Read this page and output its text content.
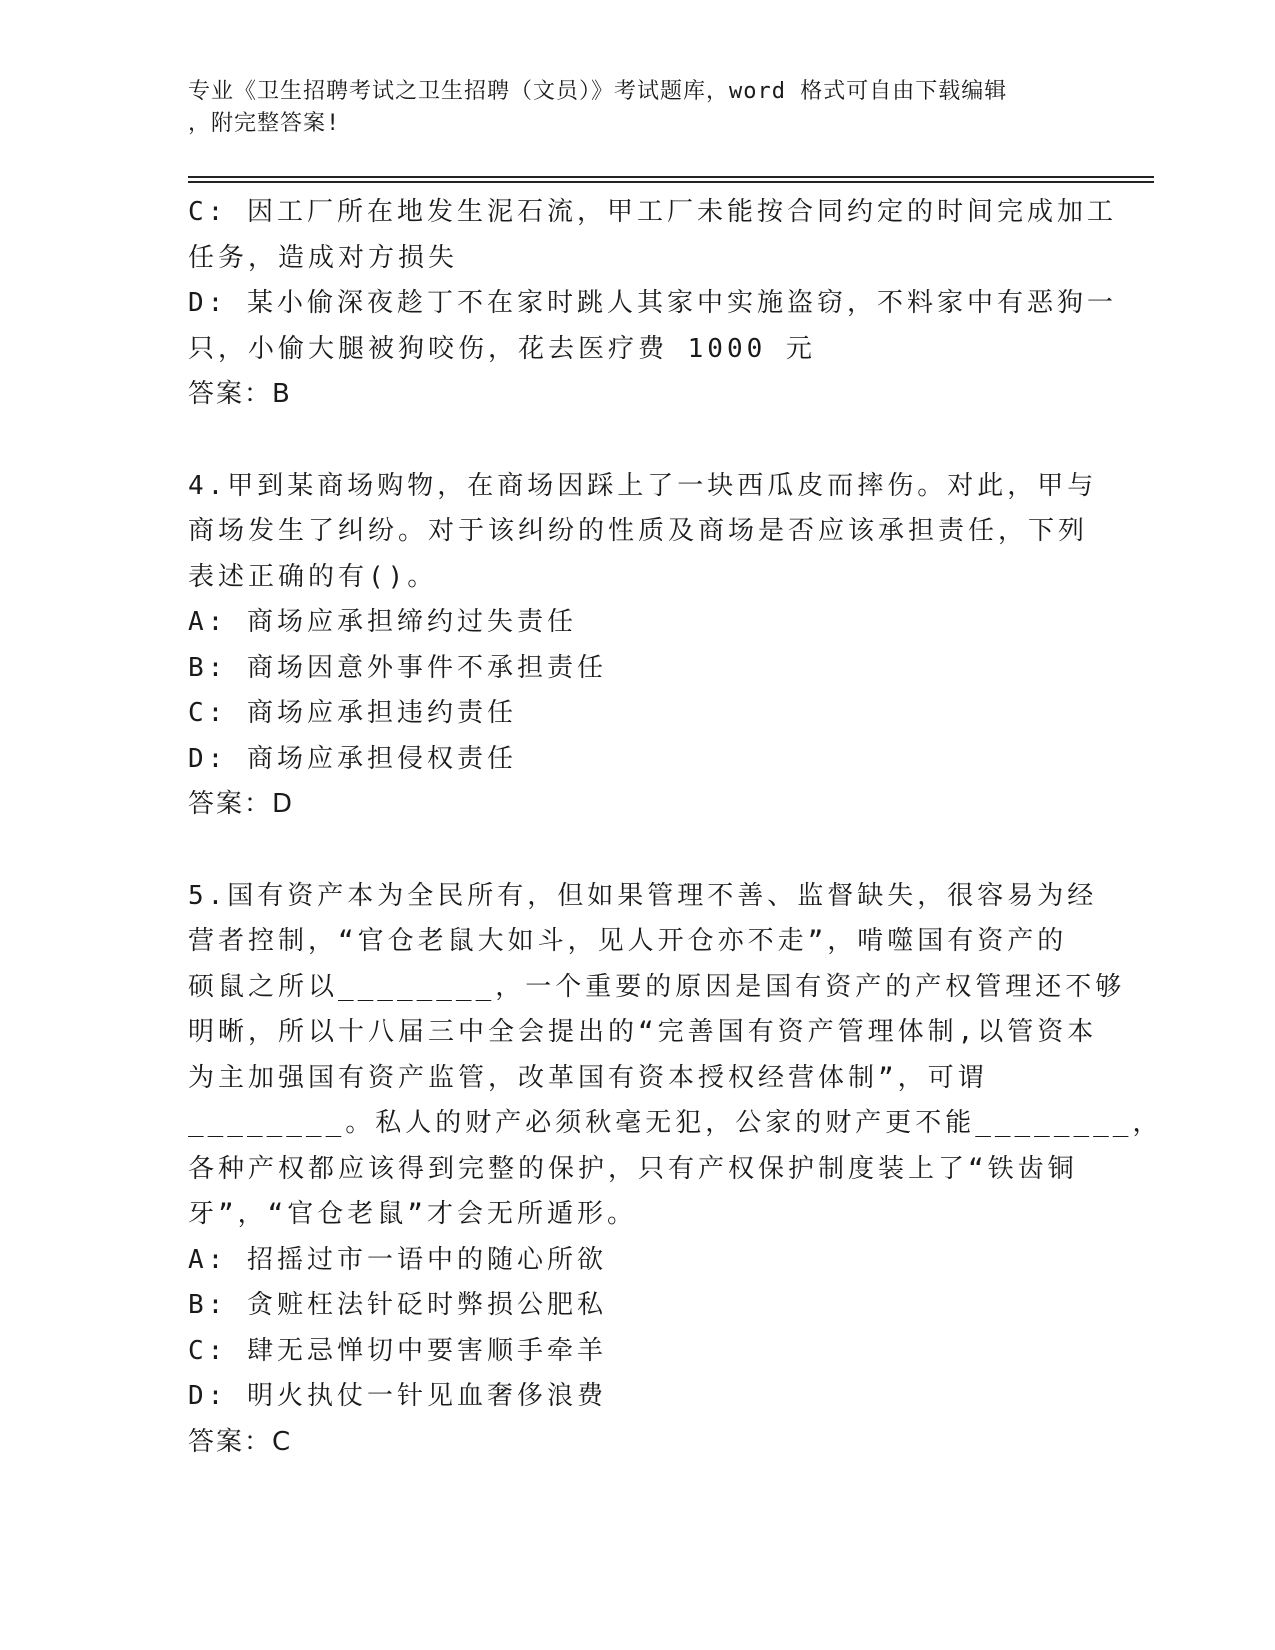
专业《卫生招聘考试之卫生招聘（文员）》考试题库，word 格式可自由下载编辑
，附完整答案!
C: 因工厂所在地发生泥石流，甲工厂未能按合同约定的时间完成加工
任务，造成对方损失
D: 某小偷深夜趁丁不在家时跳人其家中实施盗窃，不料家中有恶狗一
只，小偷大腿被狗咬伤，花去医疗费 1000 元
答案：B
4.甲到某商场购物，在商场因踩上了一块西瓜皮而摔伤。对此，甲与
商场发生了纠纷。对于该纠纷的性质及商场是否应该承担责任，下列
表述正确的有()。
A: 商场应承担缔约过失责任
B: 商场因意外事件不承担责任
C: 商场应承担违约责任
D: 商场应承担侵权责任
答案：D
5.国有资产本为全民所有，但如果管理不善、监督缺失，很容易为经
营者控制，“官仓老鼠大如斗，见人开仓亦不走”，啃噬国有资产的
硕鼠之所以________，一个重要的原因是国有资产的产权管理还不够
明晰，所以十八届三中全会提出的“完善国有资产管理体制,以管资本
为主加强国有资产监管，改革国有资本授权经营体制”，可谓
________。私人的财产必须秋毫无犯，公家的财产更不能________，
各种产权都应该得到完整的保护，只有产权保护制度装上了“铁齿铜
牙”，“官仓老鼠”才会无所遁形。
A: 招摇过市一语中的随心所欲
B: 贪赃枉法针砭时弊损公肥私
C: 肆无忌惮切中要害顺手牵羊
D: 明火执仗一针见血奢侈浪费
答案：C
